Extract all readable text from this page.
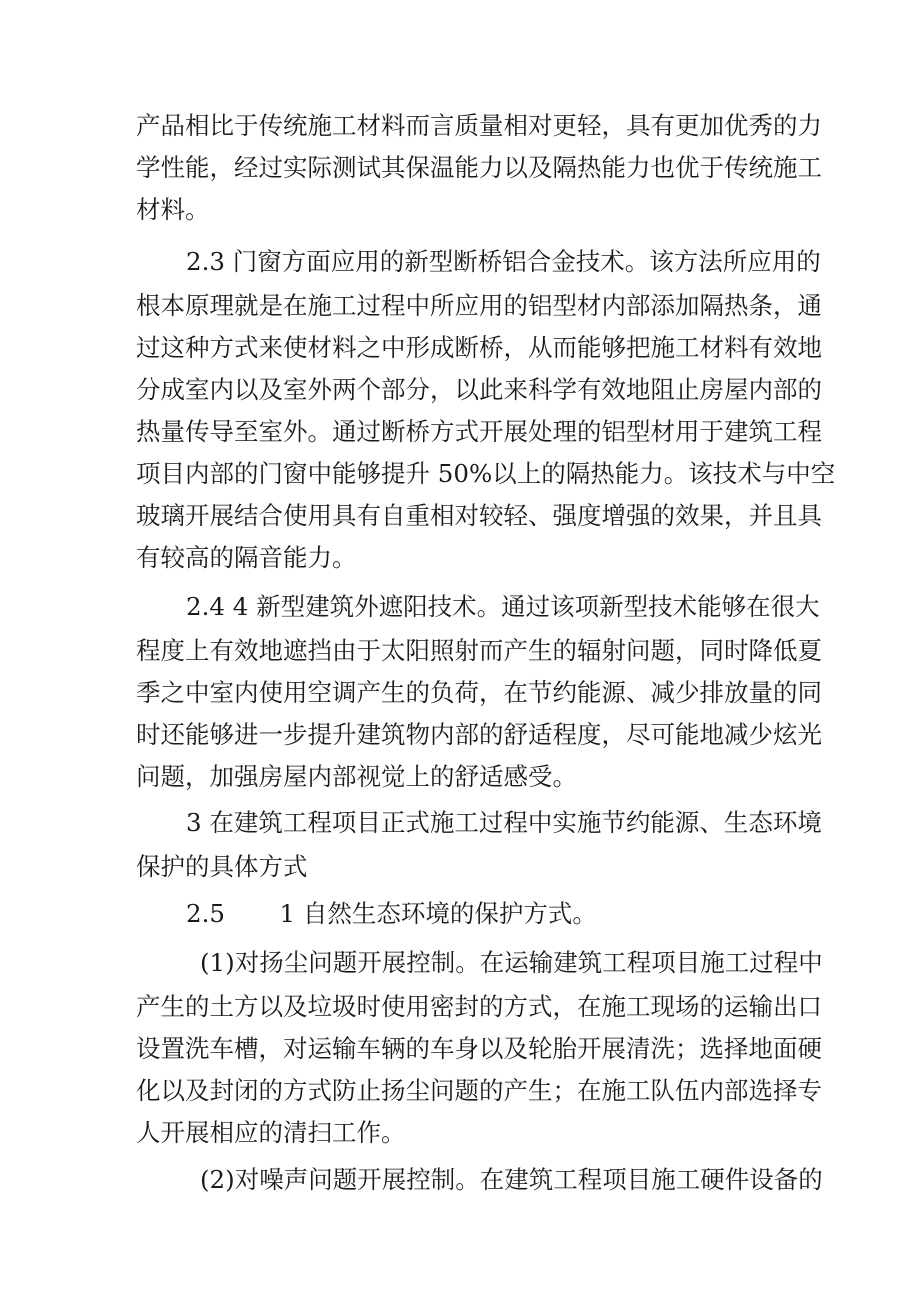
产品相比于传统施工材料而言质量相对更轻，具有更加优秀的力

学性能，经过实际测试其保温能力以及隔热能力也优于传统施工

材料。

2.3 门窗方面应用的新型断桥铝合金技术。该方法所应用的

根本原理就是在施工过程中所应用的铝型材内部添加隔热条，通

过这种方式来使材料之中形成断桥，从而能够把施工材料有效地

分成室内以及室外两个部分，以此来科学有效地阻止房屋内部的

热量传导至室外。通过断桥方式开展处理的铝型材用于建筑工程

项目内部的门窗中能够提升 50%以上的隔热能力。该技术与中空

玻璃开展结合使用具有自重相对较轻、强度增强的效果，并且具

有较高的隔音能力。

2.4 4 新型建筑外遮阳技术。通过该项新型技术能够在很大

程度上有效地遮挡由于太阳照射而产生的辐射问题，同时降低夏

季之中室内使用空调产生的负荷，在节约能源、减少排放量的同

时还能够进一步提升建筑物内部的舒适程度，尽可能地减少炫光

问题，加强房屋内部视觉上的舒适感受。

3 在建筑工程项目正式施工过程中实施节约能源、生态环境

保护的具体方式

2.5       1 自然生态环境的保护方式。

(1)对扬尘问题开展控制。在运输建筑工程项目施工过程中

产生的土方以及垃圾时使用密封的方式，在施工现场的运输出口

设置洗车槽，对运输车辆的车身以及轮胎开展清洗；选择地面硬

化以及封闭的方式防止扬尘问题的产生；在施工队伍内部选择专

人开展相应的清扫工作。

(2)对噪声问题开展控制。在建筑工程项目施工硬件设备的
